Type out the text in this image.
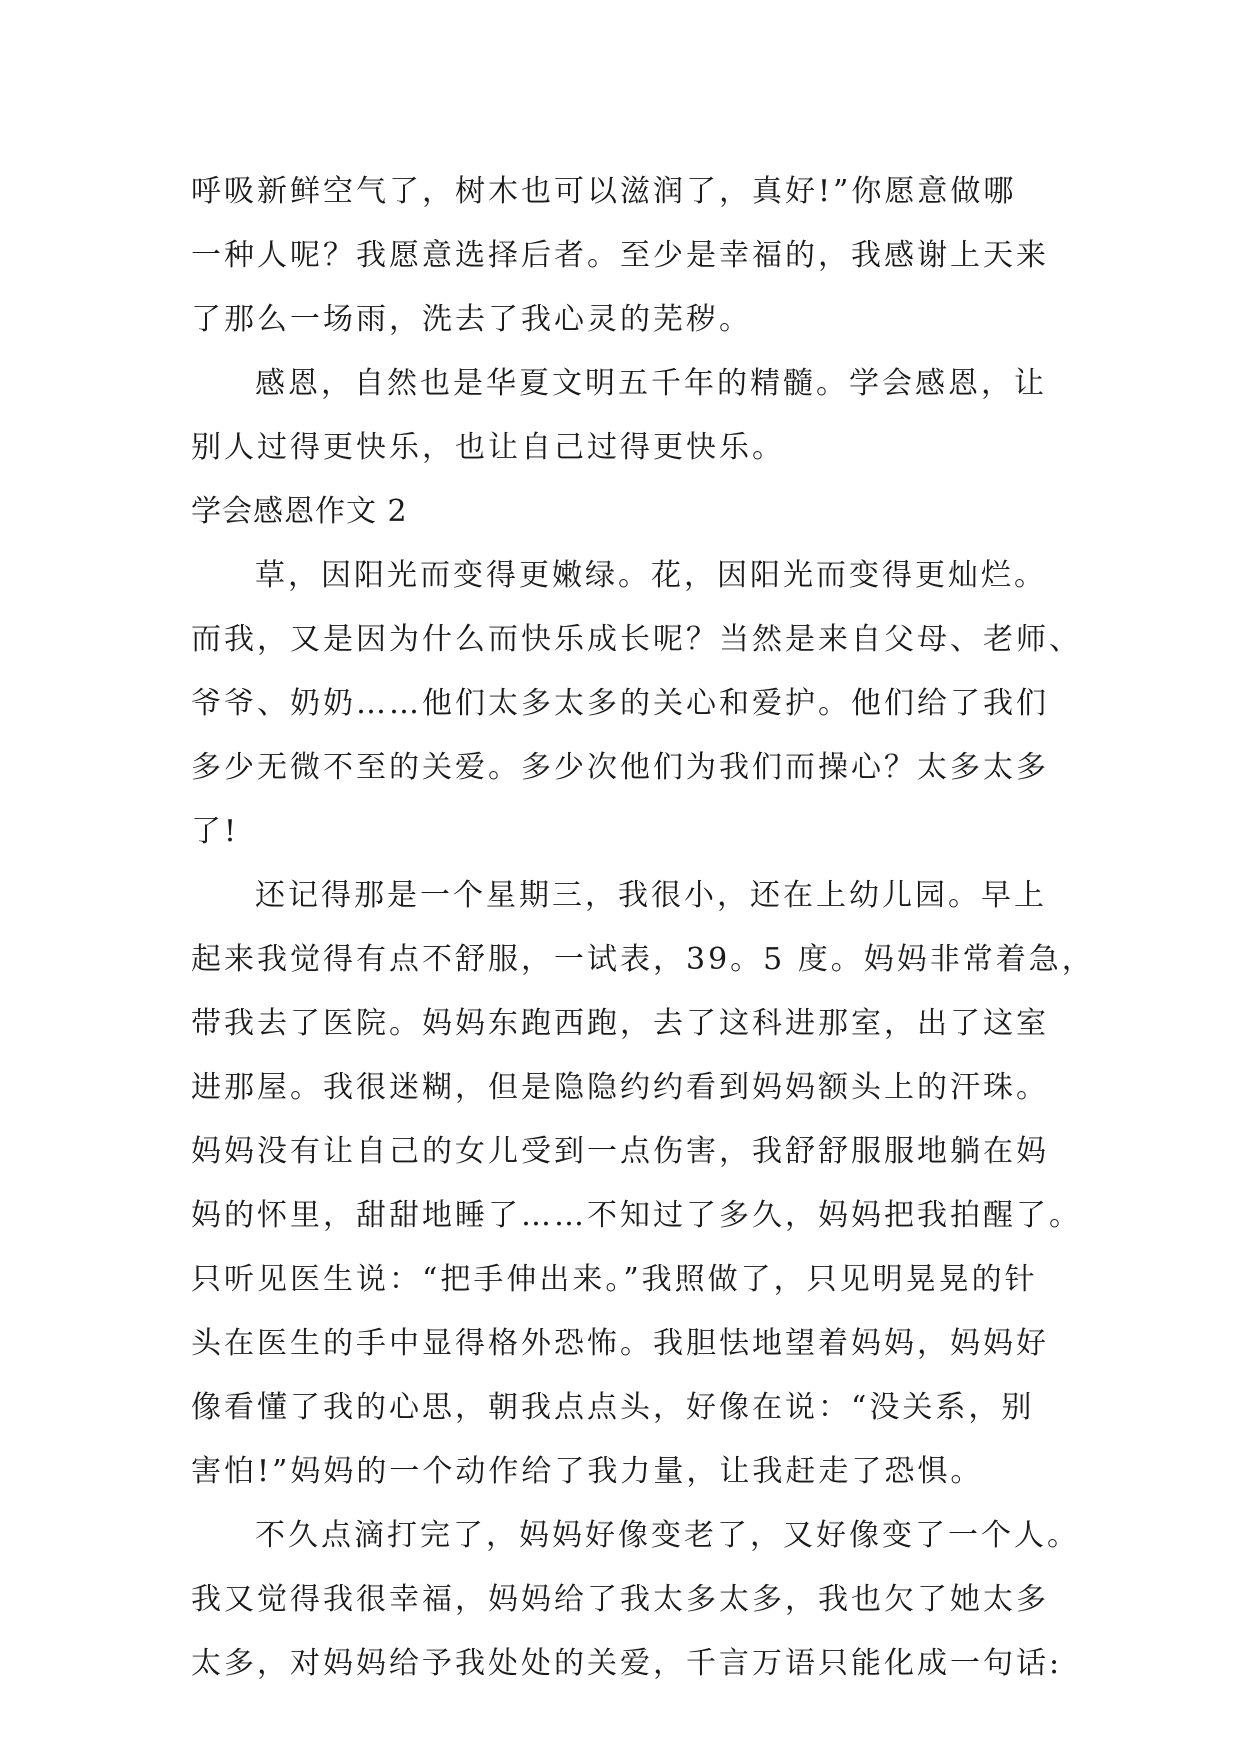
呼吸新鲜空气了，树木也可以滋润了，真好!”你愿意做哪
一种人呢？我愿意选择后者。至少是幸福的，我感谢上天来
了那么一场雨，洗去了我心灵的芜秽。
感恩，自然也是华夏文明五千年的精髓。学会感恩，让
别人过得更快乐，也让自己过得更快乐。
学会感恩作文 2
草，因阳光而变得更嫩绿。花，因阳光而变得更灿烂。
而我，又是因为什么而快乐成长呢？当然是来自父母、老师、
爷爷、奶奶……他们太多太多的关心和爱护。他们给了我们
多少无微不至的关爱。多少次他们为我们而操心？太多太多
了!
还记得那是一个星期三，我很小，还在上幼儿园。早上
起来我觉得有点不舒服，一试表，39。5 度。妈妈非常着急，
带我去了医院。妈妈东跑西跑，去了这科进那室，出了这室
进那屋。我很迷糊，但是隐隐约约看到妈妈额头上的汗珠。
妈妈没有让自己的女儿受到一点伤害，我舒舒服服地躺在妈
妈的怀里，甜甜地睡了……不知过了多久，妈妈把我拍醒了。
只听见医生说：“把手伸出来。”我照做了，只见明晃晃的针
头在医生的手中显得格外恐怖。我胆怯地望着妈妈，妈妈好
像看懂了我的心思，朝我点点头，好像在说：“没关系，别
害怕!”妈妈的一个动作给了我力量，让我赶走了恐惧。
不久点滴打完了，妈妈好像变老了，又好像变了一个人。
我又觉得我很幸福，妈妈给了我太多太多，我也欠了她太多
太多，对妈妈给予我处处的关爱，千言万语只能化成一句话:
